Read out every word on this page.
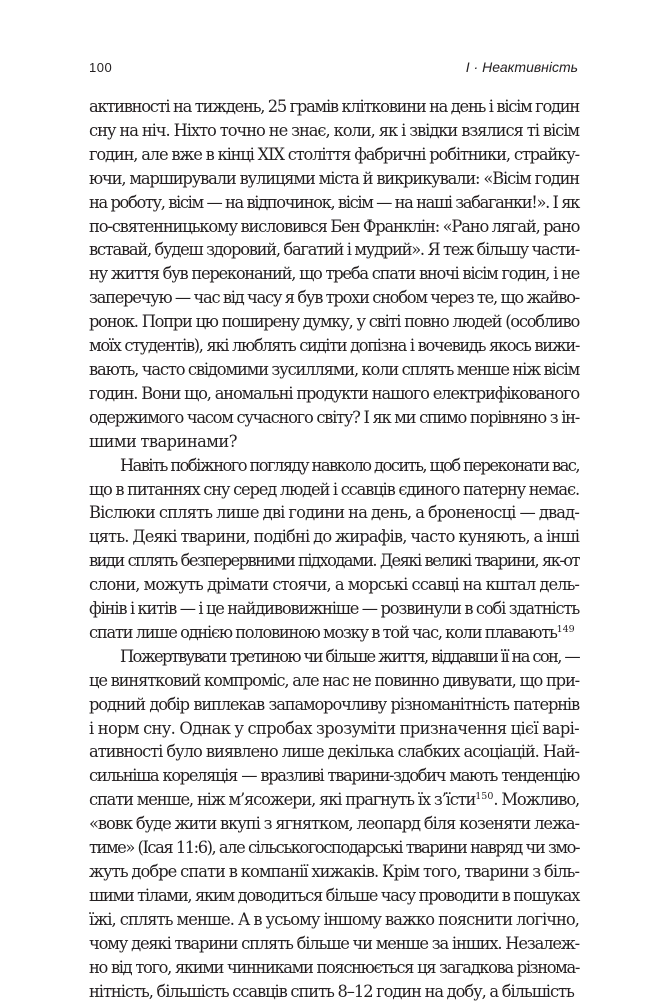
100	I · Неактивність
активності на тиждень, 25 грамів клітковини на день і вісім годин
сну на ніч. Ніхто точно не знає, коли, як і звідки взялися ті вісім
годин, але вже в кінці XIX століття фабричні робітники, страйку-
ючи, марширували вулицями міста й викрикували: «Вісім годин
на роботу, вісім — на відпочинок, вісім — на наші забаганки!». І як
по-святенницькому висловився Бен Франклін: «Рано лягай, рано
вставай, будеш здоровий, багатий і мудрий». Я теж більшу части-
ну життя був переконаний, що треба спати вночі вісім годин, і не
заперечую — час від часу я був трохи снобом через те, що жайво-
ронок. Попри цю поширену думку, у світі повно людей (особливо
моїх студентів), які люблять сидіти допізна і вочевидь якось вижи-
вають, часто свідомими зусиллями, коли сплять менше ніж вісім
годин. Вони що, аномальні продукти нашого електрифікованого
одержимого часом сучасного світу? І як ми спимо порівняно з ін-
шими тваринами?
Навіть побіжного погляду навколо досить, щоб переконати вас,
що в питаннях сну серед людей і ссавців єдиного патерну немає.
Віслюки сплять лише дві години на день, а броненосці — двад-
цять. Деякі тварини, подібні до жирафів, часто куняють, а інші
види сплять безперервними підходами. Деякі великі тварини, як-от
слони, можуть дрімати стоячи, а морські ссавці на кштал дель-
фінів і китів — і це найдивовижніше — розвинули в собі здатність
спати лише однією половиною мозку в той час, коли плавають$^{149}$
Пожертвувати третиною чи більше життя, віддавши її на сон, —
це винятковий компроміс, але нас не повинно дивувати, що при-
родний добір виплекав запаморочливу різноманітність патернів
і норм сну. Однак у спробах зрозуміти призначення цієї варі-
ативності було виявлено лише декілька слабких асоціацій. Най-
сильніша кореляція — вразливі тварини-здобич мають тенденцію
спати менше, ніж м’ясожери, які прагнуть їх з’їсти$^{150}$. Можливо,
«вовк буде жити вкупі з ягнятком, леопард біля козеняти лежа-
тиме» (Ісая 11:6), але сільськогосподарські тварини навряд чи змо-
жуть добре спати в компанії хижаків. Крім того, тварини з біль-
шими тілами, яким доводиться більше часу проводити в пошуках
їжі, сплять менше. А в усьому іншому важко пояснити логічно,
чому деякі тварини сплять більше чи менше за інших. Незалеж-
но від того, якими чинниками пояснюється ця загадкова різнома-
нітність, більшість ссавців спить 8–12 годин на добу, а більшість
